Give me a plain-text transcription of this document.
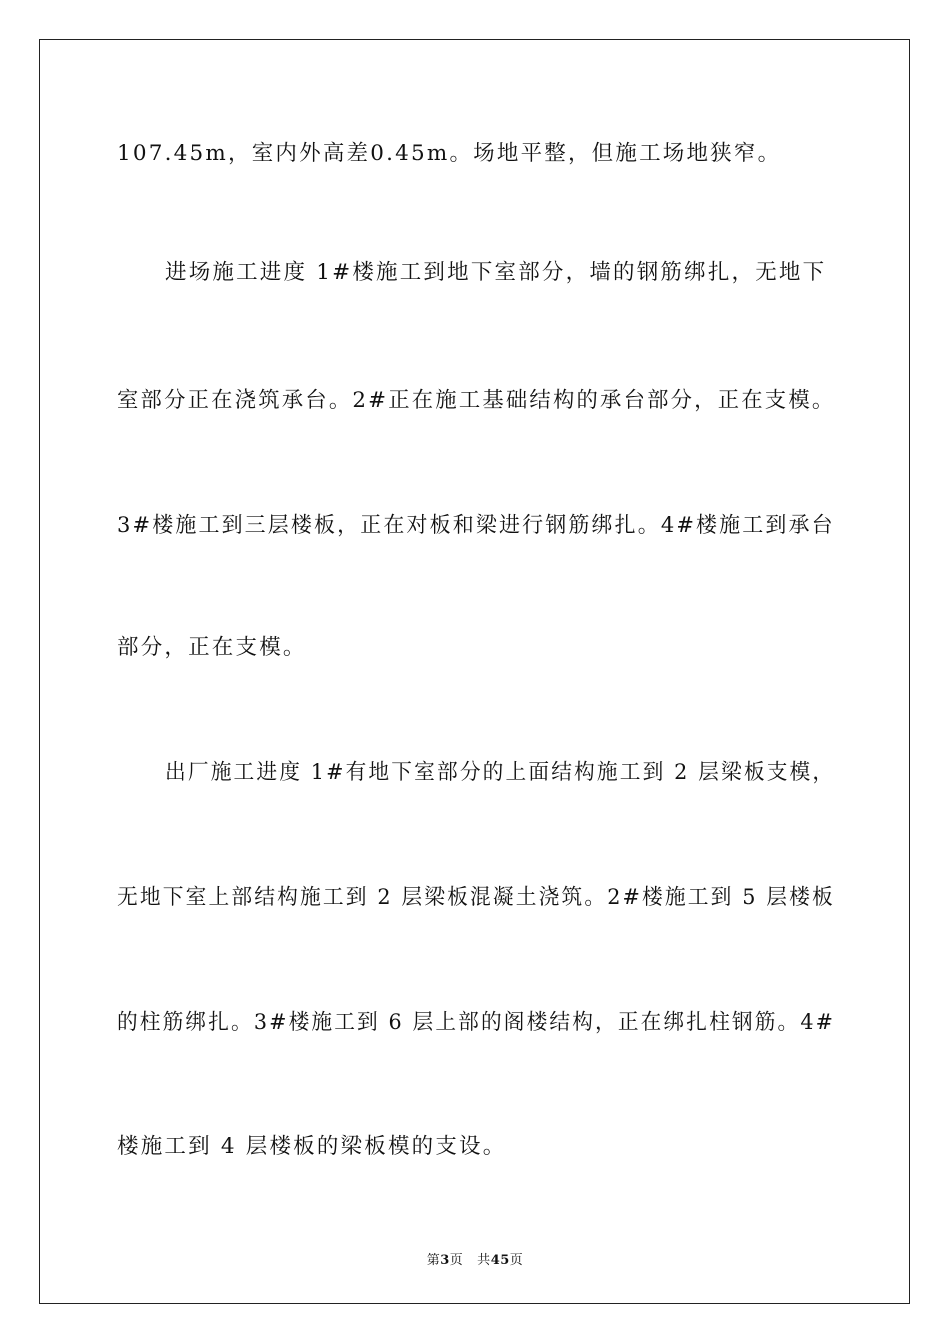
107.45m，室内外高差0.45m。场地平整，但施工场地狭窄。
进场施工进度 1#楼施工到地下室部分，墙的钢筋绑扎，无地下
室部分正在浇筑承台。2#正在施工基础结构的承台部分，正在支模。
3#楼施工到三层楼板，正在对板和梁进行钢筋绑扎。4#楼施工到承台
部分，正在支模。
出厂施工进度 1#有地下室部分的上面结构施工到 2 层梁板支模，
无地下室上部结构施工到 2 层梁板混凝土浇筑。2#楼施工到 5 层楼板
的柱筋绑扎。3#楼施工到 6 层上部的阁楼结构，正在绑扎柱钢筋。4#
楼施工到 4 层楼板的梁板模的支设。
第3页 共45页
